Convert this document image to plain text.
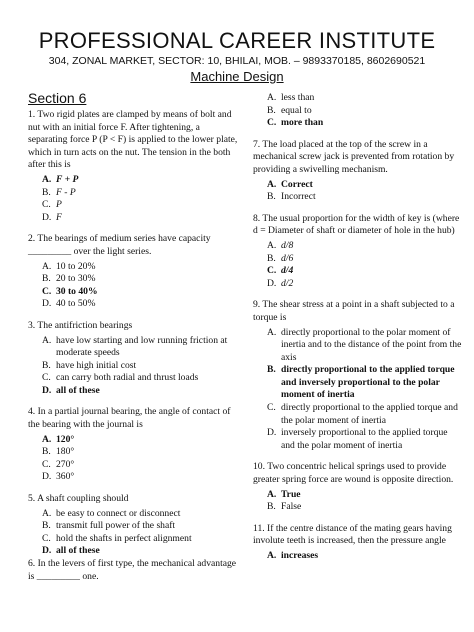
PROFESSIONAL CAREER INSTITUTE
304, ZONAL MARKET, SECTOR: 10, BHILAI, MOB. – 9893370185, 8602690521
Machine Design
Section 6
1. Two rigid plates are clamped by means of bolt and nut with an initial force F. After tightening, a separating force P (P < F) is applied to the lower plate, which in turn acts on the nut. The tension in the both after this is
A. F + P
B. F - P
C. P
D. F
2. The bearings of medium series have capacity _________ over the light series.
A. 10 to 20%
B. 20 to 30%
C. 30 to 40%
D. 40 to 50%
3. The antifriction bearings
A. have low starting and low running friction at moderate speeds
B. have high initial cost
C. can carry both radial and thrust loads
D. all of these
4. In a partial journal bearing, the angle of contact of the bearing with the journal is
A. 120°
B. 180°
C. 270°
D. 360°
5. A shaft coupling should
A. be easy to connect or disconnect
B. transmit full power of the shaft
C. hold the shafts in perfect alignment
D. all of these
6. In the levers of first type, the mechanical advantage is _________ one.
A. less than
B. equal to
C. more than
7. The load placed at the top of the screw in a mechanical screw jack is prevented from rotation by providing a swivelling mechanism.
A. Correct
B. Incorrect
8. The usual proportion for the width of key is (where d = Diameter of shaft or diameter of hole in the hub)
A. d/8
B. d/6
C. d/4
D. d/2
9. The shear stress at a point in a shaft subjected to a torque is
A. directly proportional to the polar moment of inertia and to the distance of the point from the axis
B. directly proportional to the applied torque and inversely proportional to the polar moment of inertia
C. directly proportional to the applied torque and the polar moment of inertia
D. inversely proportional to the applied torque and the polar moment of inertia
10. Two concentric helical springs used to provide greater spring force are wound is opposite direction.
A. True
B. False
11. If the centre distance of the mating gears having involute teeth is increased, then the pressure angle
A. increases
